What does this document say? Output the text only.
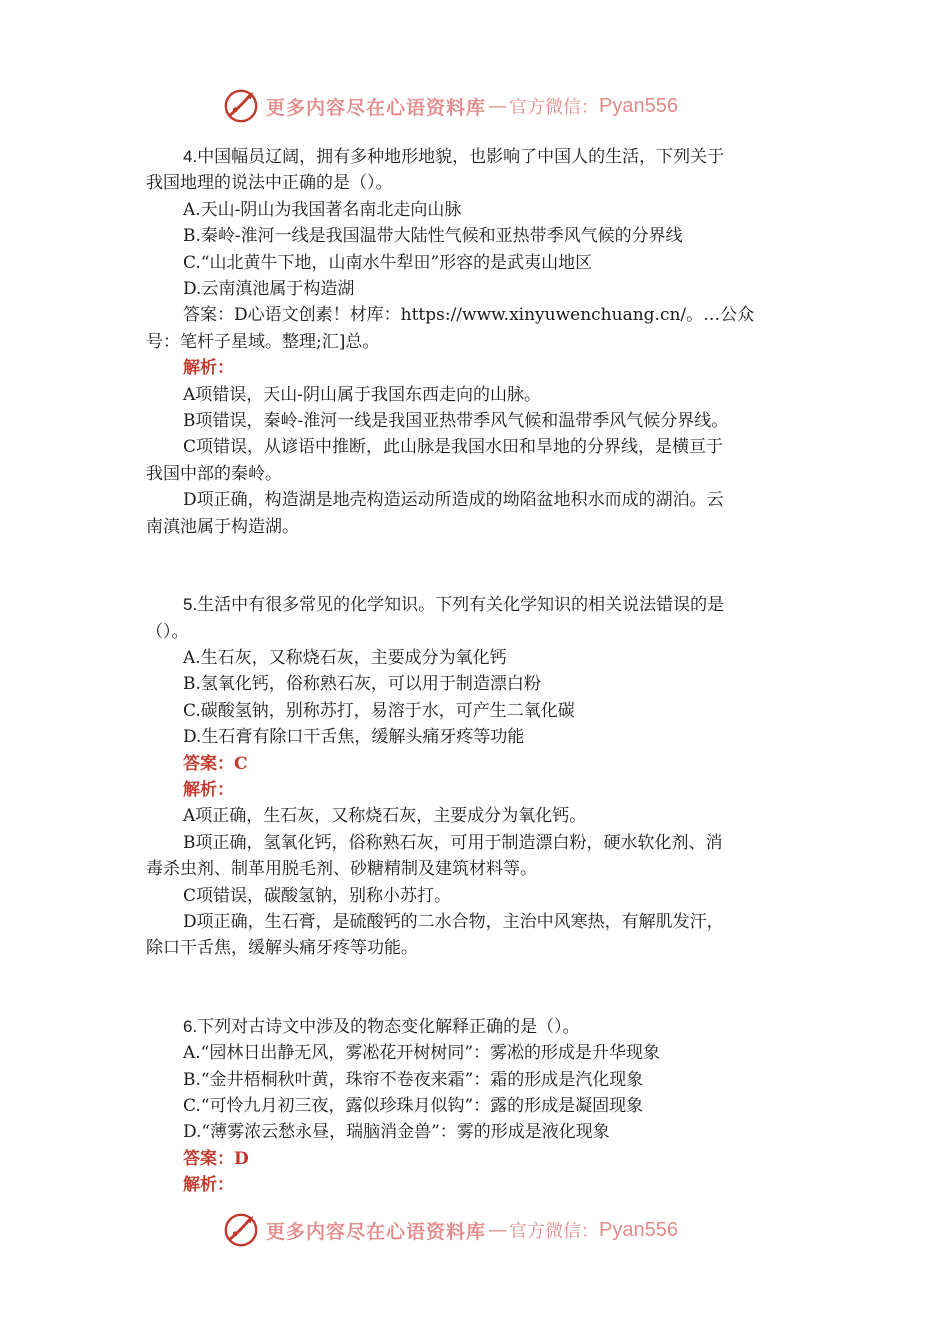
更多内容尽在心语资料库 — 官方微信： Pyan556

4.中国幅员辽阔，拥有多种地形地貌，也影响了中国人的生活，下列关于

我国地理的说法中正确的是（）。

A.天山-阴山为我国著名南北走向山脉

B.秦岭-淮河一线是我国温带大陆性气候和亚热带季风气候的分界线

C.“山北黄牛下地，山南水牛犁田”形容的是武夷山地区

D.云南滇池属于构造湖

答案：D心语文创素！材库：https://www.xinyuwenchuang.cn/。…公众

号：笔杆子星域。整理;汇]总。

解析：

A项错误，天山-阴山属于我国东西走向的山脉。

B项错误，秦岭-淮河一线是我国亚热带季风气候和温带季风气候分界线。

C项错误，从谚语中推断，此山脉是我国水田和旱地的分界线，是横亘于

我国中部的秦岭。

D项正确，构造湖是地壳构造运动所造成的坳陷盆地积水而成的湖泊。云

南滇池属于构造湖。

5.生活中有很多常见的化学知识。下列有关化学知识的相关说法错误的是

（）。

A.生石灰，又称烧石灰，主要成分为氧化钙

B.氢氧化钙，俗称熟石灰，可以用于制造漂白粉

C.碳酸氢钠，别称苏打，易溶于水，可产生二氧化碳

D.生石膏有除口干舌焦，缓解头痛牙疼等功能

答案：C

解析：

A项正确，生石灰，又称烧石灰，主要成分为氧化钙。

B项正确，氢氧化钙，俗称熟石灰，可用于制造漂白粉，硬水软化剂、消

毒杀虫剂、制革用脱毛剂、砂糖精制及建筑材料等。

C项错误，碳酸氢钠，别称小苏打。

D项正确，生石膏，是硫酸钙的二水合物，主治中风寒热，有解肌发汗，

除口干舌焦，缓解头痛牙疼等功能。

6.下列对古诗文中涉及的物态变化解释正确的是（）。

A.“园林日出静无风，雾凇花开树树同”：雾凇的形成是升华现象

B.“金井梧桐秋叶黄，珠帘不卷夜来霜”：霜的形成是汽化现象

C.“可怜九月初三夜，露似珍珠月似钩”：露的形成是凝固现象

D.“薄雾浓云愁永昼，瑞脑消金兽”：雾的形成是液化现象

答案：D

解析：

更多内容尽在心语资料库 — 官方微信： Pyan556
